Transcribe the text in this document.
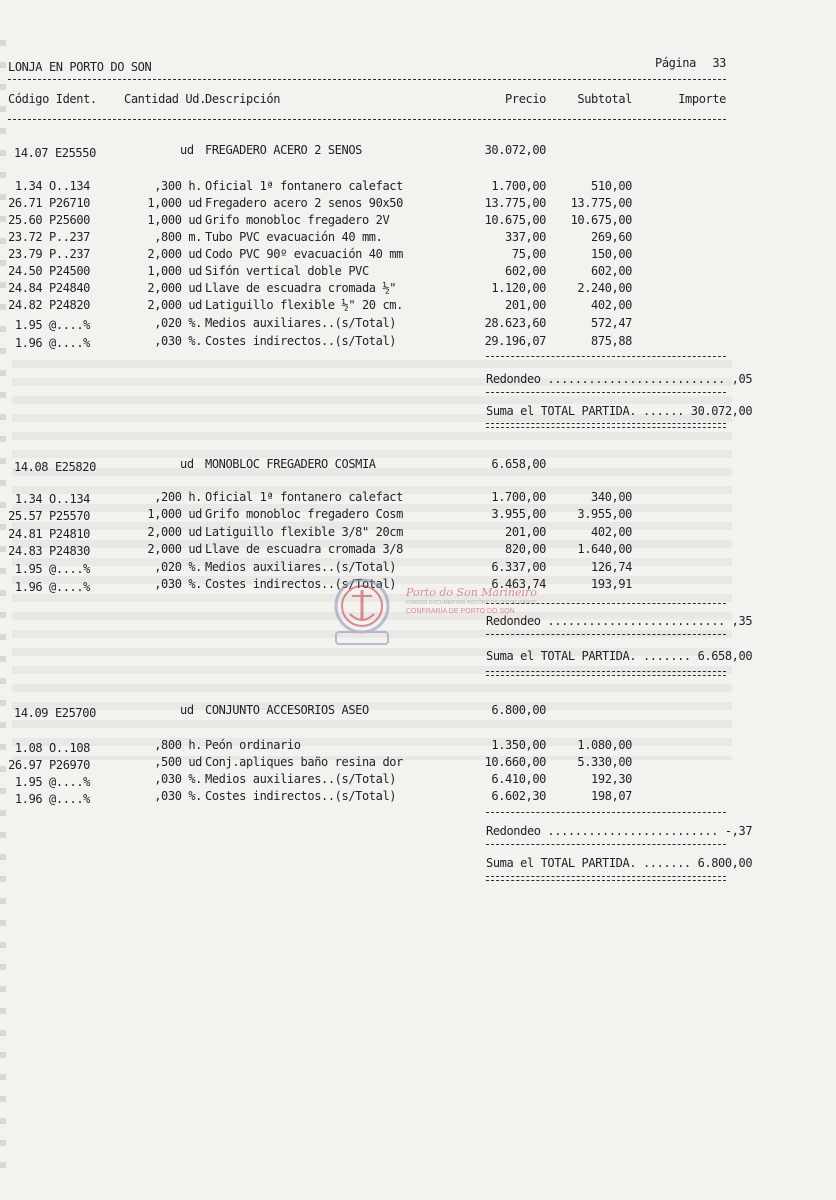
LONJA EN PORTO DO SON	Página	33
Código Ident. Cantidad Ud. Descripción	Precio	Subtotal	Importe
14.07 E25550	ud FREGADERO ACERO 2 SENOS	30.072,00
1.34 O..134	,300 h. Oficial 1ª fontanero calefact	1.700,00	510,00
26.71 P26710	1,000 ud Fregadero acero 2 senos 90x50	13.775,00	13.775,00
25.60 P25600	1,000 ud Grifo monobloc fregadero 2V	10.675,00	10.675,00
23.72 P..237	,800 m. Tubo PVC evacuación 40 mm.	337,00	269,60
23.79 P..237	2,000 ud Codo PVC 90º evacuación 40 mm	75,00	150,00
24.50 P24500	1,000 ud Sifón vertical doble PVC	602,00	602,00
24.84 P24840	2,000 ud Llave de escuadra cromada ½"	1.120,00	2.240,00
24.82 P24820	2,000 ud Latiguillo flexible ½" 20 cm.	201,00	402,00
1.95 @....%	,020 %. Medios auxiliares..(s/Total)	28.623,60	572,47
1.96 @....%	,030 %. Costes indirectos..(s/Total)	29.196,07	875,88
Redondeo .......................... ,05
Suma el TOTAL PARTIDA. ...... 30.072,00
14.08 E25820	ud MONOBLOC FREGADERO COSMIA	6.658,00
1.34 O..134	,200 h. Oficial 1ª fontanero calefact	1.700,00	340,00
25.57 P25570	1,000 ud Grifo monobloc fregadero Cosm	3.955,00	3.955,00
24.81 P24810	2,000 ud Latiguillo flexible 3/8" 20cm	201,00	402,00
24.83 P24830	2,000 ud Llave de escuadra cromada 3/8	820,00	1.640,00
1.95 @....%	,020 %. Medios auxiliares..(s/Total)	6.337,00	126,74
1.96 @....%	,030 %. Costes indirectos..(s/Total)	6.463,74	193,91
Redondeo .......................... ,35
Suma el TOTAL PARTIDA. ....... 6.658,00
Porto do Son Mariñeiro
FONDOS DOCUMENTAIS HISTÓRICOS DIXITALIZADOS
CONFRARÍA DE PORTO DO SON
14.09 E25700	ud CONJUNTO ACCESORIOS ASEO	6.800,00
1.08 O..108	,800 h. Peón ordinario	1.350,00	1.080,00
26.97 P26970	,500 ud Conj.apliques baño resina dor	10.660,00	5.330,00
1.95 @....%	,030 %. Medios auxiliares..(s/Total)	6.410,00	192,30
1.96 @....%	,030 %. Costes indirectos..(s/Total)	6.602,30	198,07
Redondeo ......................... -,37
Suma el TOTAL PARTIDA. ....... 6.800,00
